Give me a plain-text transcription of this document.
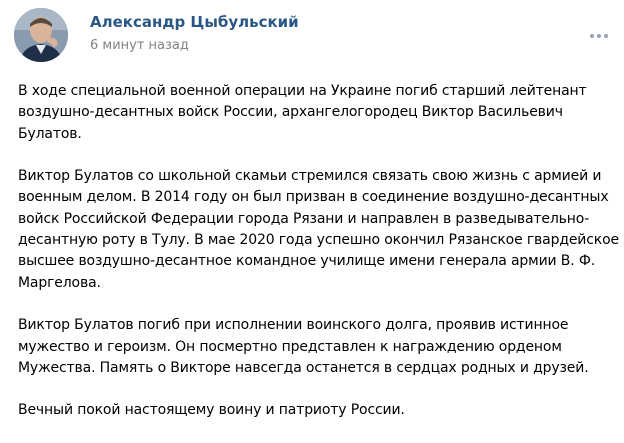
Александр Цыбульский
6 минут назад

В ходе специальной военной операции на Украине погиб старший лейтенант
воздушно-десантных войск России, архангелогородец Виктор Васильевич
Булатов.

Виктор Булатов со школьной скамьи стремился связать свою жизнь с армией и
военным делом. В 2014 году он был призван в соединение воздушно-десантных
войск Российской Федерации города Рязани и направлен в разведывательно-
десантную роту в Тулу. В мае 2020 года успешно окончил Рязанское гвардейское
высшее воздушно-десантное командное училище имени генерала армии В. Ф.
Маргелова.

Виктор Булатов погиб при исполнении воинского долга, проявив истинное
мужество и героизм. Он посмертно представлен к награждению орденом
Мужества. Память о Викторе навсегда останется в сердцах родных и друзей.

Вечный покой настоящему воину и патриоту России.
